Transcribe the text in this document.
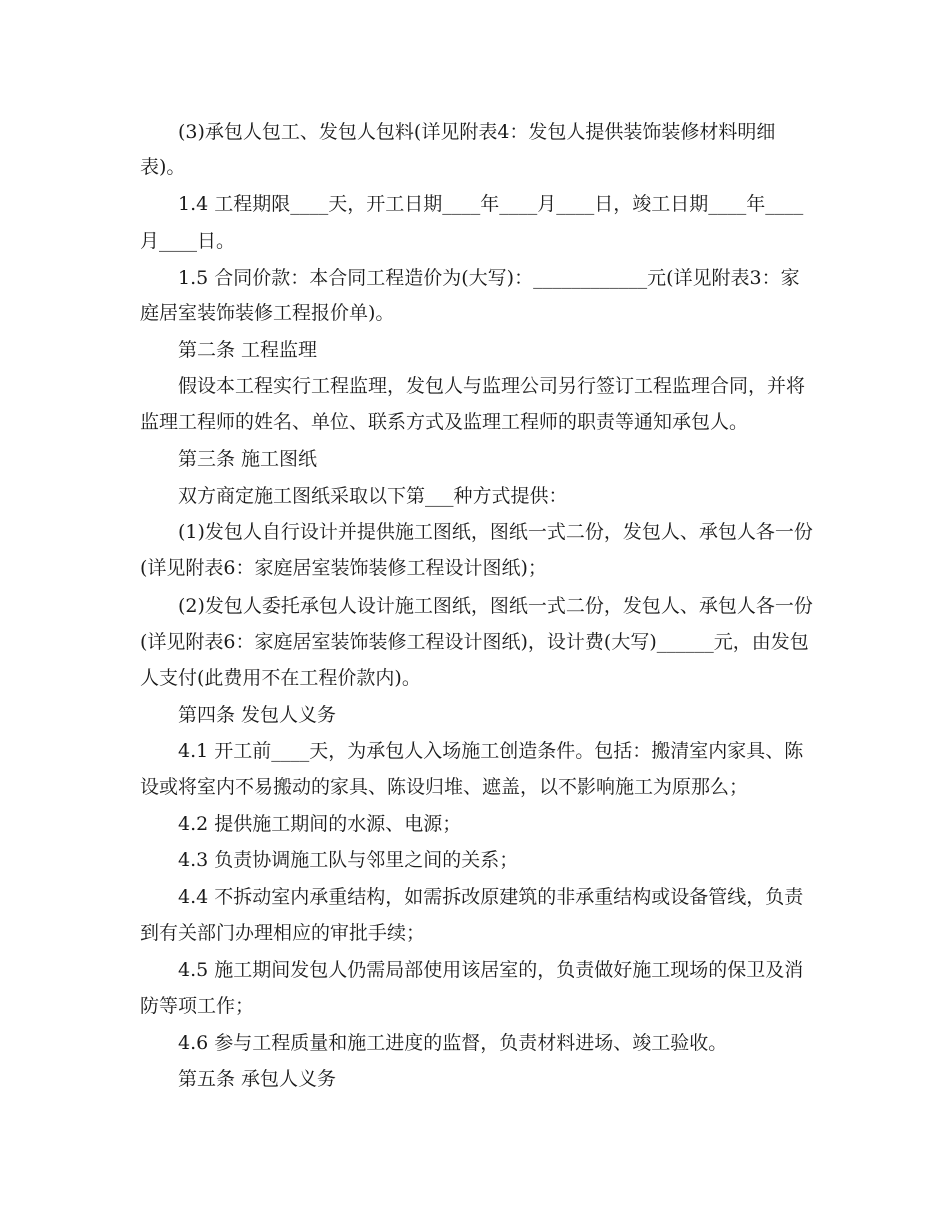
(3)承包人包工、发包人包料(详见附表4：发包人提供装饰装修材料明细
表)。
1.4 工程期限____天，开工日期____年____月____日，竣工日期____年____
月____日。
1.5 合同价款：本合同工程造价为(大写)：____________元(详见附表3：家
庭居室装饰装修工程报价单)。
第二条 工程监理
假设本工程实行工程监理，发包人与监理公司另行签订工程监理合同，并将
监理工程师的姓名、单位、联系方式及监理工程师的职责等通知承包人。
第三条 施工图纸
双方商定施工图纸采取以下第___种方式提供：
(1)发包人自行设计并提供施工图纸，图纸一式二份，发包人、承包人各一份
(详见附表6：家庭居室装饰装修工程设计图纸)；
(2)发包人委托承包人设计施工图纸，图纸一式二份，发包人、承包人各一份
(详见附表6：家庭居室装饰装修工程设计图纸)，设计费(大写)______元，由发包
人支付(此费用不在工程价款内)。
第四条 发包人义务
4.1 开工前____天，为承包人入场施工创造条件。包括：搬清室内家具、陈
设或将室内不易搬动的家具、陈设归堆、遮盖，以不影响施工为原那么；
4.2 提供施工期间的水源、电源；
4.3 负责协调施工队与邻里之间的关系；
4.4 不拆动室内承重结构，如需拆改原建筑的非承重结构或设备管线，负责
到有关部门办理相应的审批手续；
4.5 施工期间发包人仍需局部使用该居室的，负责做好施工现场的保卫及消
防等项工作；
4.6 参与工程质量和施工进度的监督，负责材料进场、竣工验收。
第五条 承包人义务
